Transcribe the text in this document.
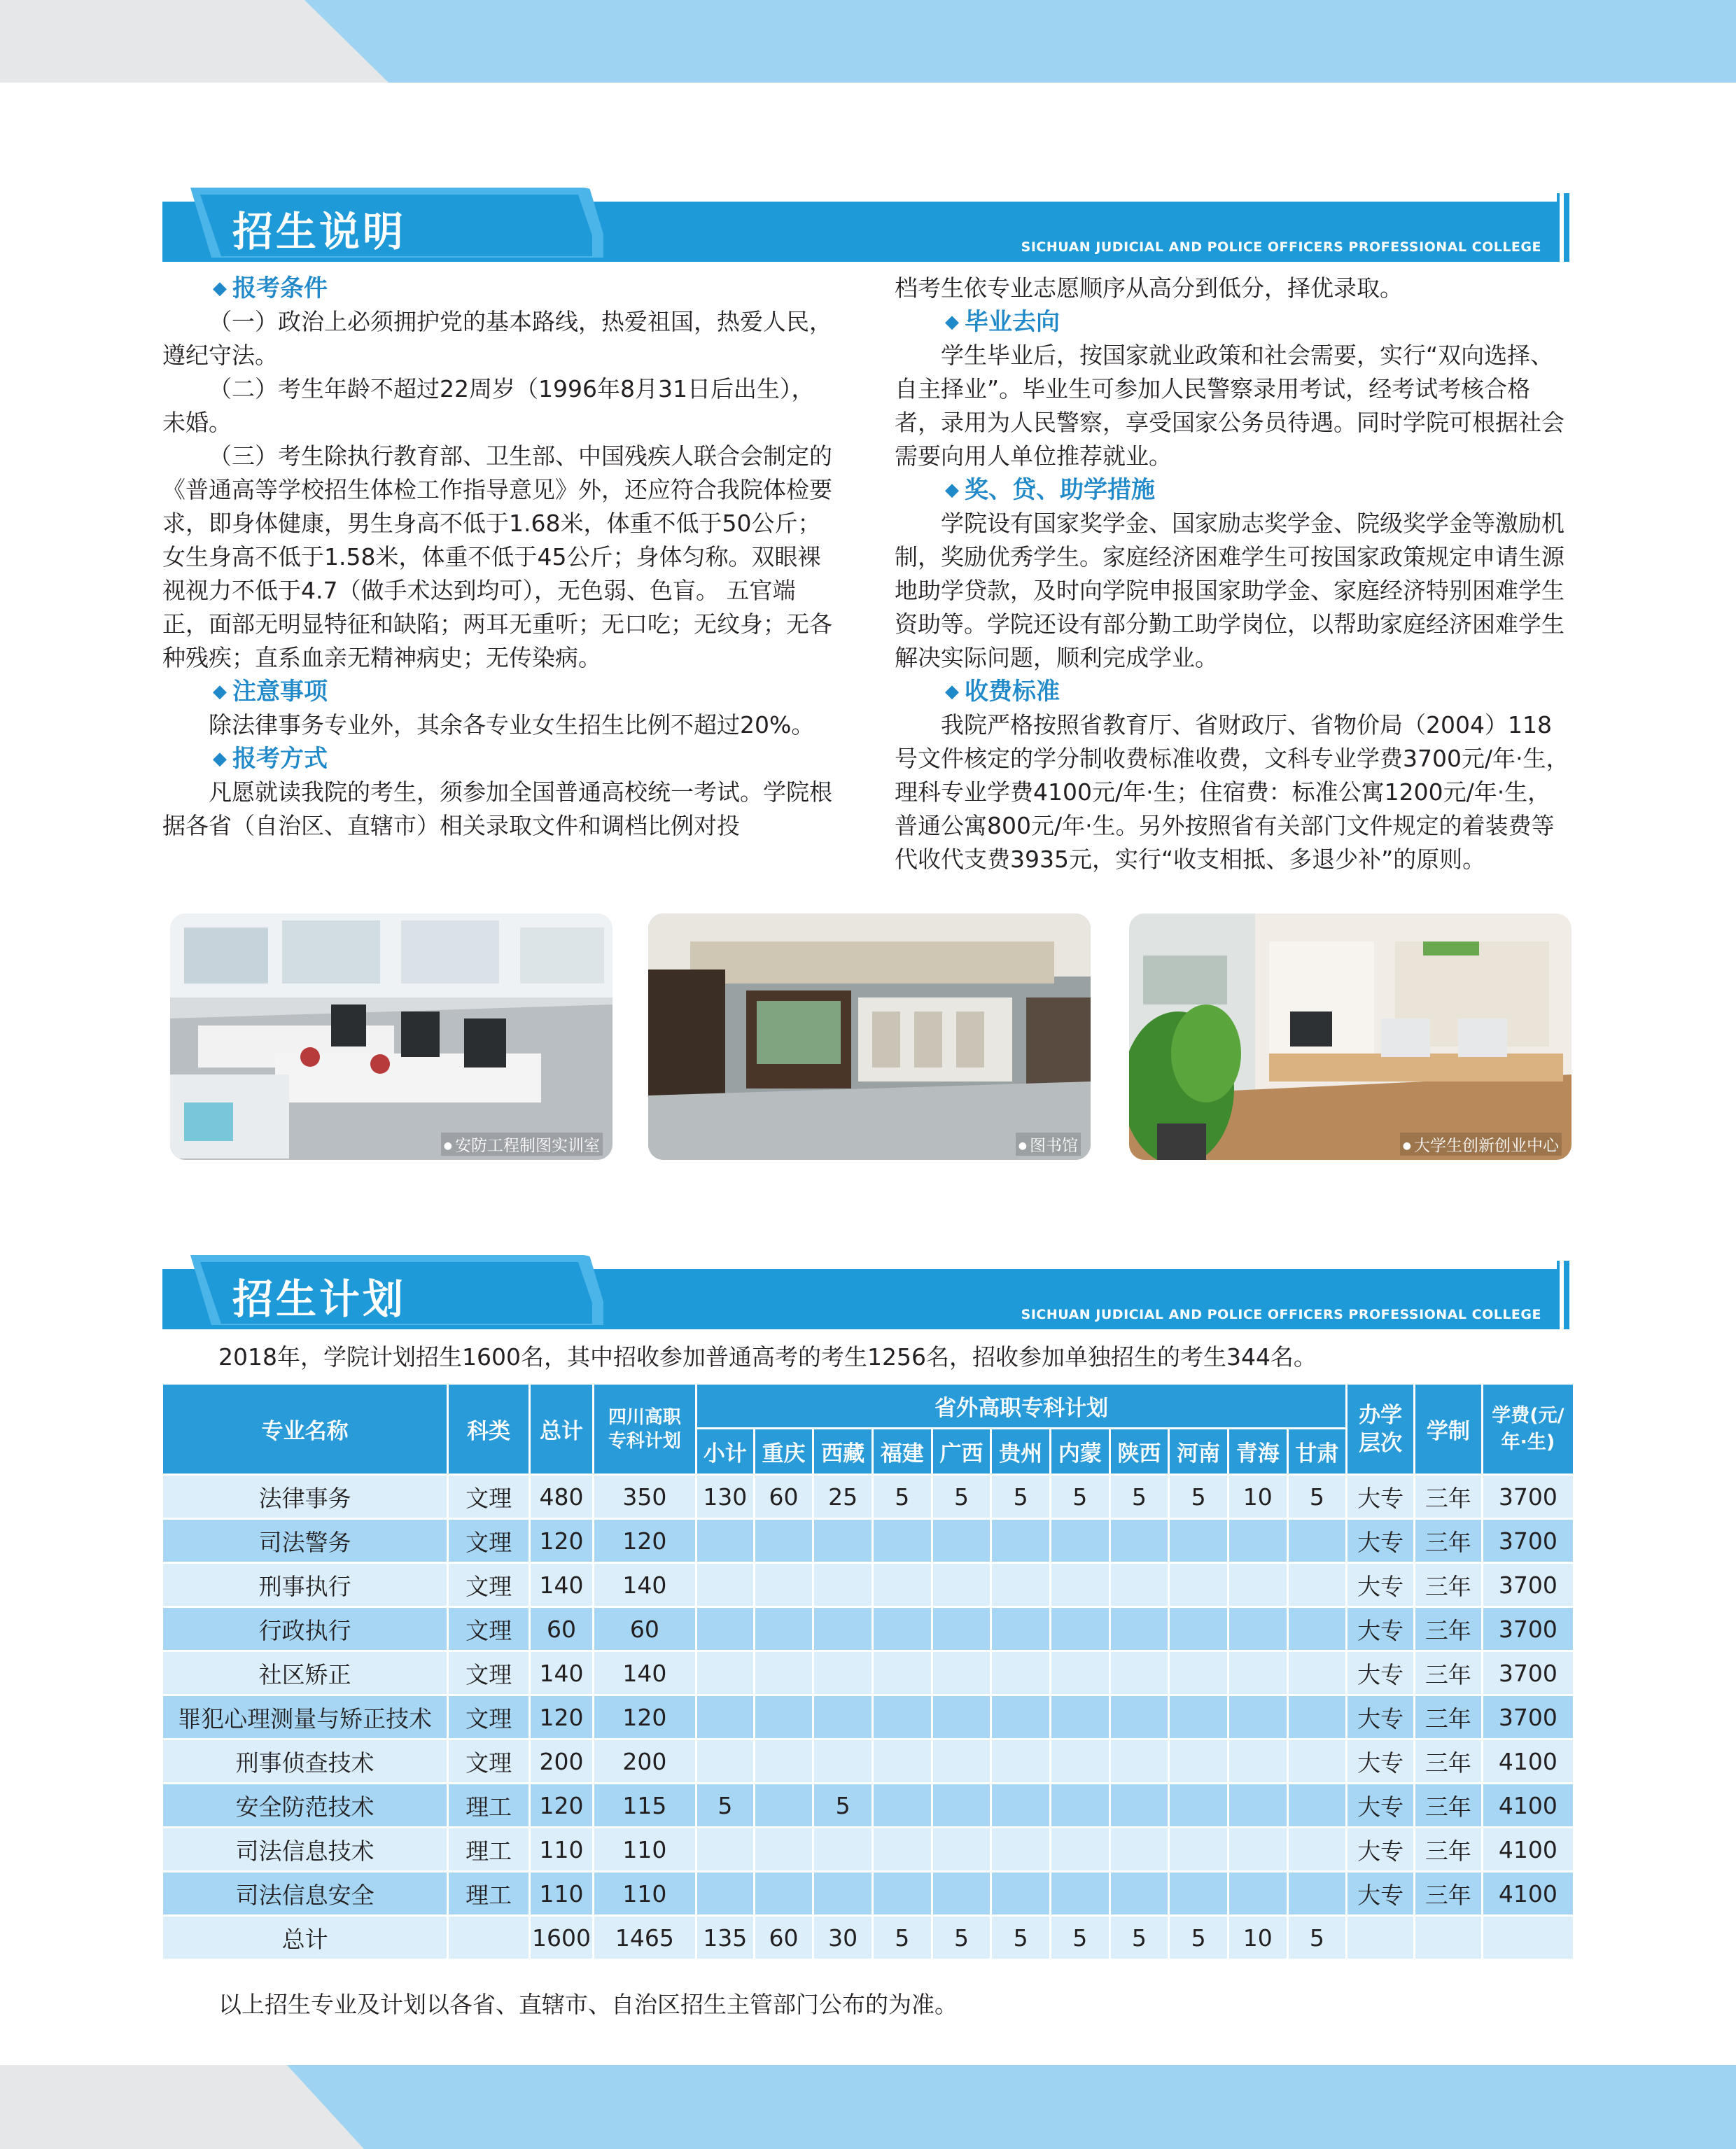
招生说明	SICHUAN JUDICIAL AND POLICE OFFICERS PROFESSIONAL COLLEGE

◆ 报考条件

（一）政治上必须拥护党的基本路线，热爱祖国，热爱人民，遵纪守法。

（二）考生年龄不超过22周岁（1996年8月31日后出生），未婚。

（三）考生除执行教育部、卫生部、中国残疾人联合会制定的《普通高等学校招生体检工作指导意见》外，还应符合我院体检要求，即身体健康，男生身高不低于1.68米，体重不低于50公斤；女生身高不低于1.58米，体重不低于45公斤；身体匀称。双眼裸视视力不低于4.7（做手术达到均可），无色弱、色盲。 五官端正，面部无明显特征和缺陷；两耳无重听；无口吃；无纹身；无各种残疾；直系血亲无精神病史；无传染病。

◆ 注意事项

除法律事务专业外，其余各专业女生招生比例不超过20%。

◆ 报考方式

凡愿就读我院的考生，须参加全国普通高校统一考试。学院根据各省（自治区、直辖市）相关录取文件和调档比例对投

档考生依专业志愿顺序从高分到低分，择优录取。

◆ 毕业去向

学生毕业后，按国家就业政策和社会需要，实行“双向选择、自主择业”。毕业生可参加人民警察录用考试，经考试考核合格者，录用为人民警察，享受国家公务员待遇。同时学院可根据社会需要向用人单位推荐就业。

◆ 奖、贷、助学措施

学院设有国家奖学金、国家励志奖学金、院级奖学金等激励机制，奖励优秀学生。家庭经济困难学生可按国家政策规定申请生源地助学贷款，及时向学院申报国家助学金、家庭经济特别困难学生资助等。学院还设有部分勤工助学岗位，以帮助家庭经济困难学生解决实际问题，顺利完成学业。

◆ 收费标准

我院严格按照省教育厅、省财政厅、省物价局（2004）118号文件核定的学分制收费标准收费，文科专业学费3700元/年·生，理科专业学费4100元/年·生；住宿费：标准公寓1200元/年·生，普通公寓800元/年·生。另外按照省有关部门文件规定的着装费等代收代支费3935元，实行“收支相抵、多退少补”的原则。

● 安防工程制图实训室	● 图书馆	● 大学生创新创业中心
招生计划	SICHUAN JUDICIAL AND POLICE OFFICERS PROFESSIONAL COLLEGE
2018年，学院计划招生1600名，其中招收参加普通高考的考生1256名，招收参加单独招生的考生344名。
专业名称	科类	总计	四川高职专科计划	省外高职专科计划											办学层次	学制	学费(元/年·生)
				小计	重庆	西藏	福建	广西	贵州	内蒙	陕西	河南	青海	甘肃			
法律事务	文理	480	350	130	60	25	5	5	5	5	5	5	10	5	大专	三年	3700
司法警务	文理	120	120												大专	三年	3700
刑事执行	文理	140	140												大专	三年	3700
行政执行	文理	60	60												大专	三年	3700
社区矫正	文理	140	140												大专	三年	3700
罪犯心理测量与矫正技术	文理	120	120												大专	三年	3700
刑事侦查技术	文理	200	200												大专	三年	4100
安全防范技术	理工	120	115	5		5									大专	三年	4100
司法信息技术	理工	110	110												大专	三年	4100
司法信息安全	理工	110	110												大专	三年	4100
总计		1600	1465	135	60	30	5	5	5	5	5	5	10	5			
以上招生专业及计划以各省、直辖市、自治区招生主管部门公布的为准。
